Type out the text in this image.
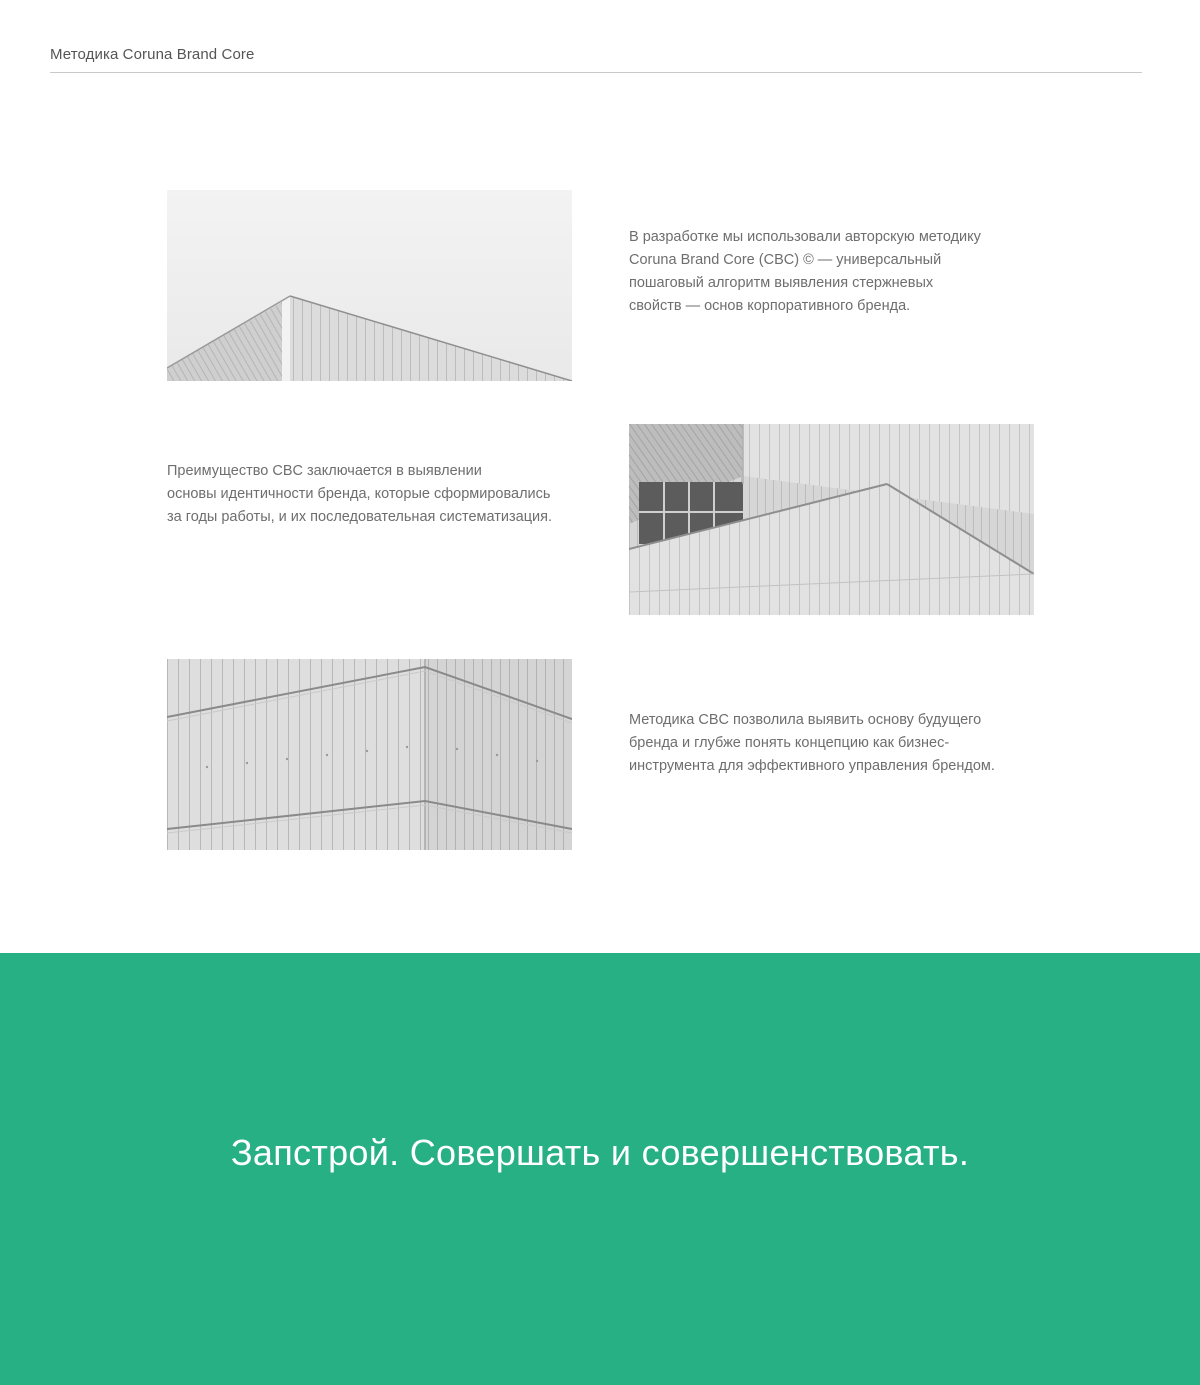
Методика Coruna Brand Core
В разработке мы использовали авторскую методику
Coruna Brand Core (CBC) © — универсальный
пошаговый алгоритм выявления стержневых
свойств — основ корпоративного бренда.
Преимущество CBC заключается в выявлении
основы идентичности бренда, которые сформировались
за годы работы, и их последовательная систематизация.
Методика CBC позволила выявить основу будущего
бренда и глубже понять концепцию как бизнес-
инструмента для эффективного управления брендом.
Запстрой. Совершать и совершенствовать.
